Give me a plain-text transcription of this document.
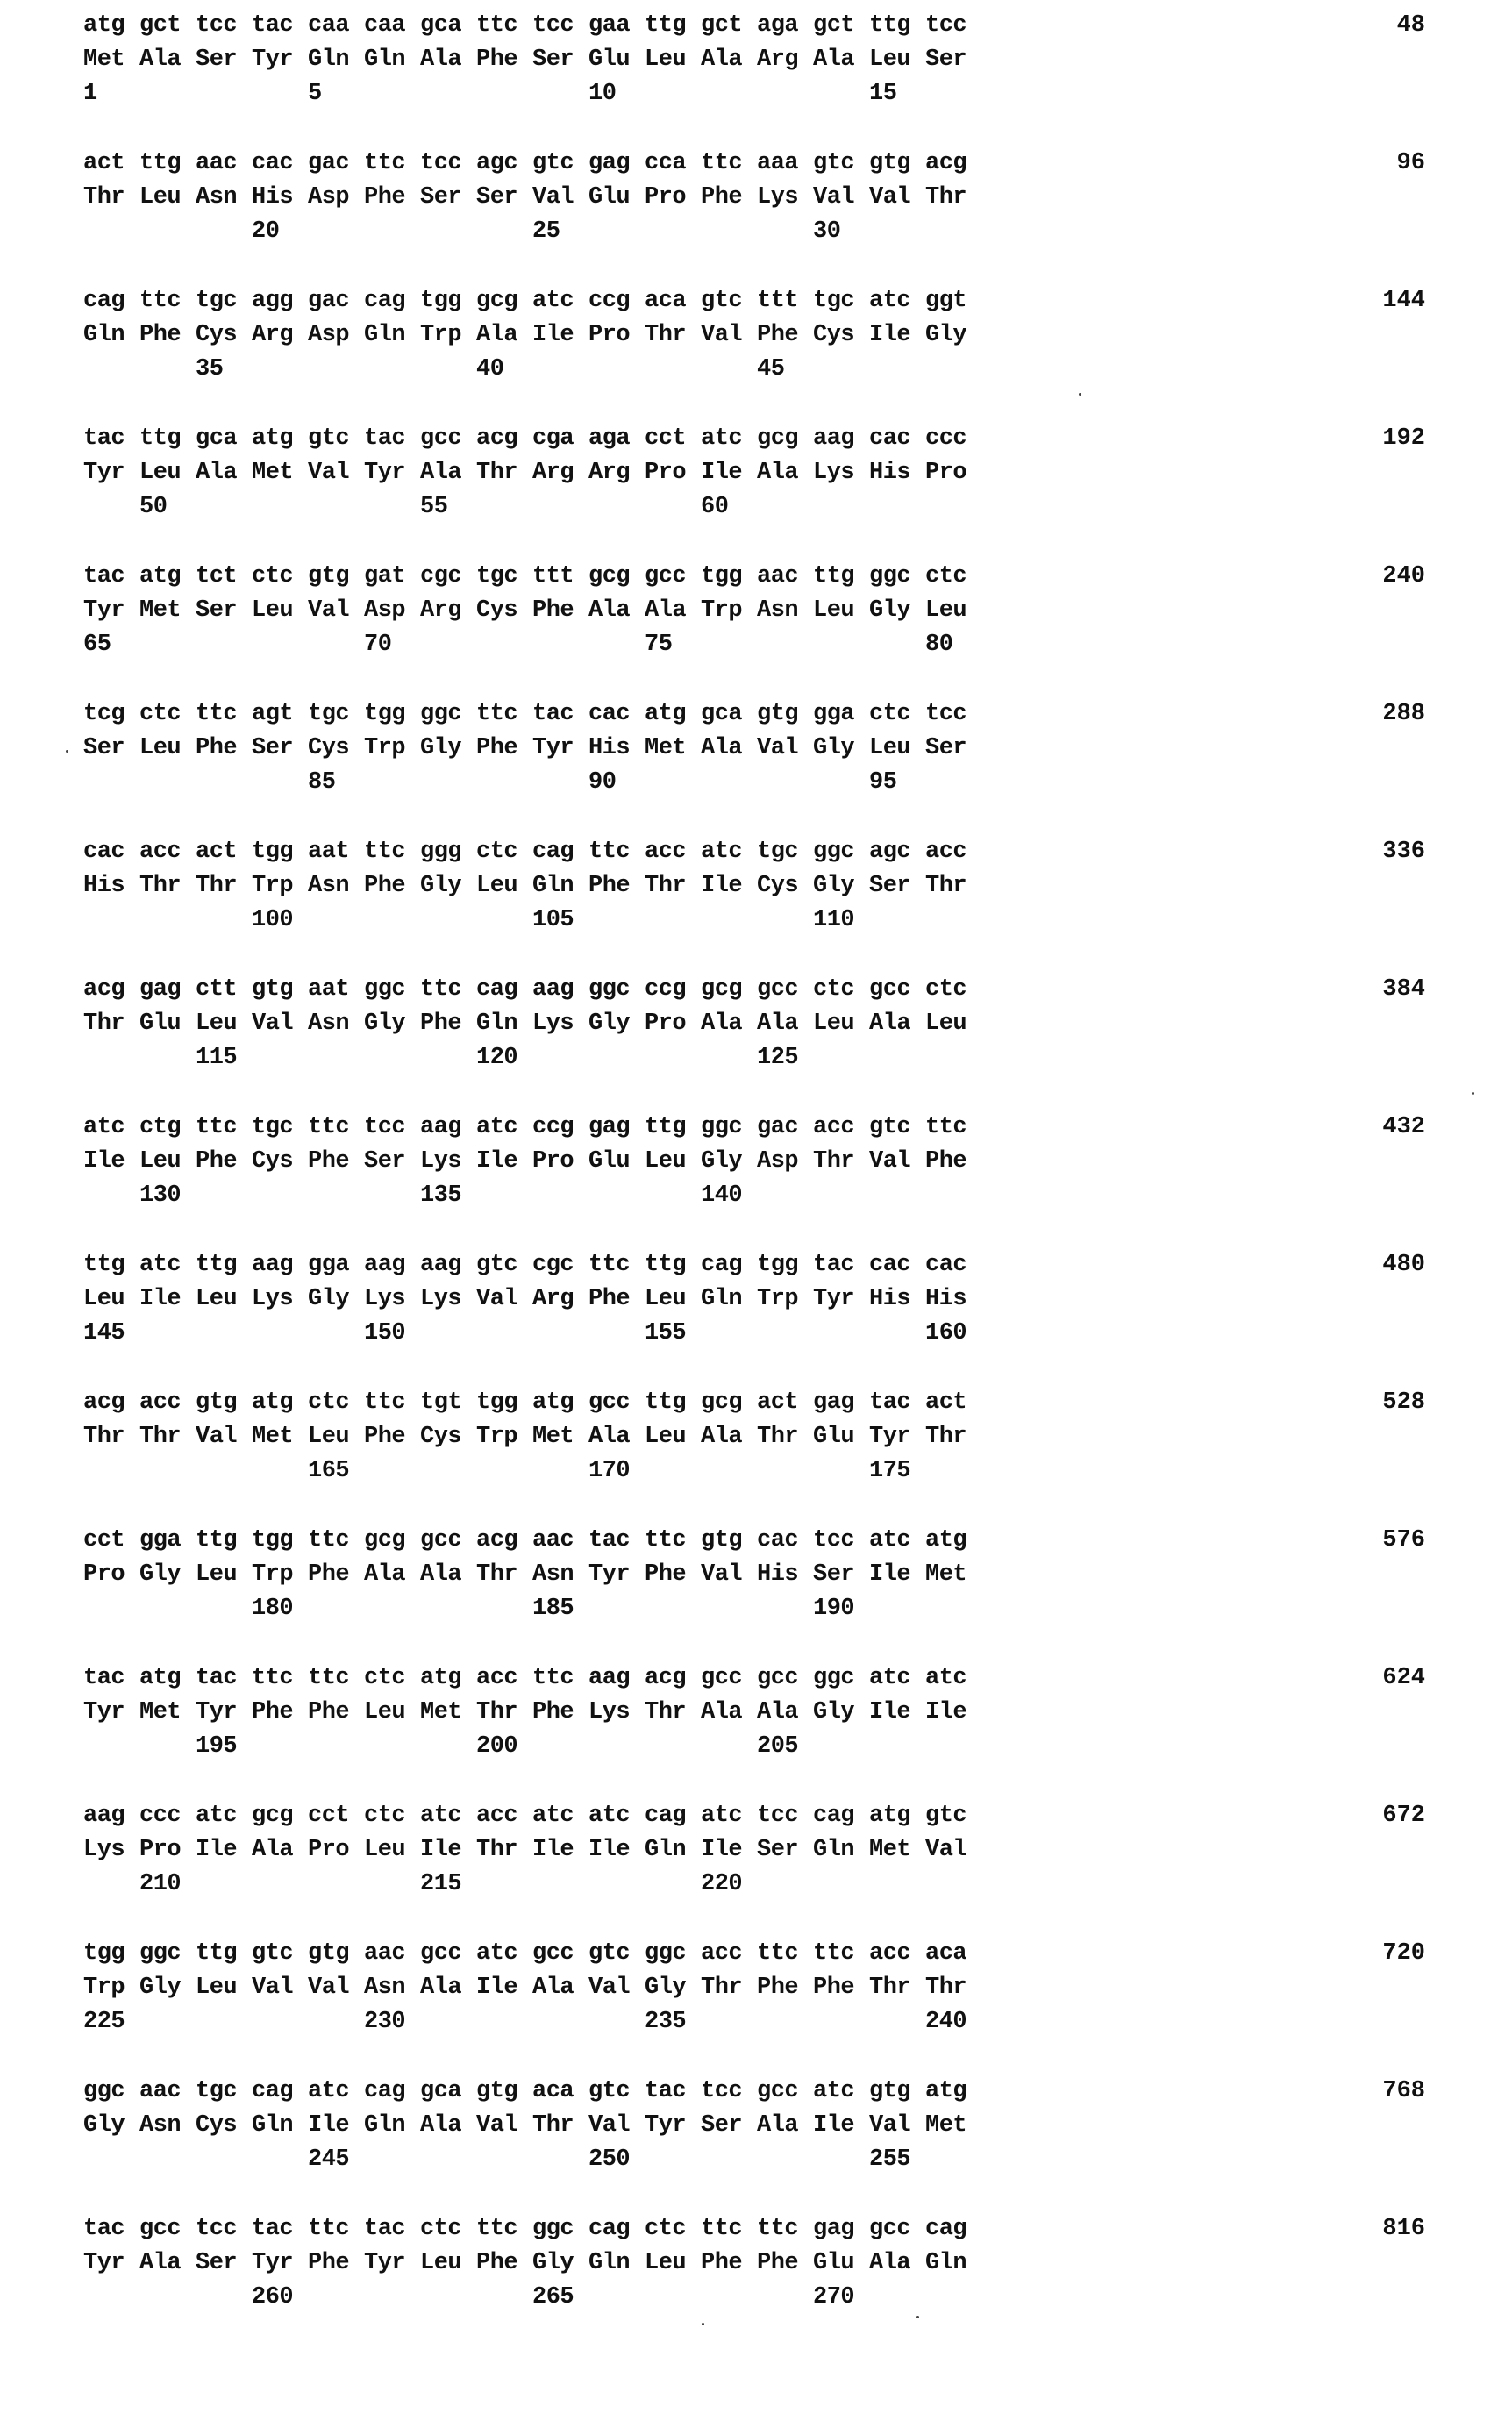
atg gct tcc tac caa caa gca ttc tcc gaa ttg gct aga gct ttg tcc
Met Ala Ser Tyr Gln Gln Ala Phe Ser Glu Leu Ala Arg Ala Leu Ser
1	5	10	15
48
act ttg aac cac gac ttc tcc agc gtc gag cca ttc aaa gtc gtg acg
Thr Leu Asn His Asp Phe Ser Ser Val Glu Pro Phe Lys Val Val Thr
20	25	30
96
cag ttc tgc agg gac cag tgg gcg atc ccg aca gtc ttt tgc atc ggt
Gln Phe Cys Arg Asp Gln Trp Ala Ile Pro Thr Val Phe Cys Ile Gly
35	40	45
144
tac ttg gca atg gtc tac gcc acg cga aga cct atc gcg aag cac ccc
Tyr Leu Ala Met Val Tyr Ala Thr Arg Arg Pro Ile Ala Lys His Pro
50	55	60
192
tac atg tct ctc gtg gat cgc tgc ttt gcg gcc tgg aac ttg ggc ctc
Tyr Met Ser Leu Val Asp Arg Cys Phe Ala Ala Trp Asn Leu Gly Leu
65	70	75	80
240
tcg ctc ttc agt tgc tgg ggc ttc tac cac atg gca gtg gga ctc tcc
Ser Leu Phe Ser Cys Trp Gly Phe Tyr His Met Ala Val Gly Leu Ser
85	90	95
288
cac acc act tgg aat ttc ggg ctc cag ttc acc atc tgc ggc agc acc
His Thr Thr Trp Asn Phe Gly Leu Gln Phe Thr Ile Cys Gly Ser Thr
100	105	110
336
acg gag ctt gtg aat ggc ttc cag aag ggc ccg gcg gcc ctc gcc ctc
Thr Glu Leu Val Asn Gly Phe Gln Lys Gly Pro Ala Ala Leu Ala Leu
115	120	125
384
atc ctg ttc tgc ttc tcc aag atc ccg gag ttg ggc gac acc gtc ttc
Ile Leu Phe Cys Phe Ser Lys Ile Pro Glu Leu Gly Asp Thr Val Phe
130	135	140
432
ttg atc ttg aag gga aag aag gtc cgc ttc ttg cag tgg tac cac cac
Leu Ile Leu Lys Gly Lys Lys Val Arg Phe Leu Gln Trp Tyr His His
145	150	155	160
480
acg acc gtg atg ctc ttc tgt tgg atg gcc ttg gcg act gag tac act
Thr Thr Val Met Leu Phe Cys Trp Met Ala Leu Ala Thr Glu Tyr Thr
165	170	175
528
cct gga ttg tgg ttc gcg gcc acg aac tac ttc gtg cac tcc atc atg
Pro Gly Leu Trp Phe Ala Ala Thr Asn Tyr Phe Val His Ser Ile Met
180	185	190
576
tac atg tac ttc ttc ctc atg acc ttc aag acg gcc gcc ggc atc atc
Tyr Met Tyr Phe Phe Leu Met Thr Phe Lys Thr Ala Ala Gly Ile Ile
195	200	205
624
aag ccc atc gcg cct ctc atc acc atc atc cag atc tcc cag atg gtc
Lys Pro Ile Ala Pro Leu Ile Thr Ile Ile Gln Ile Ser Gln Met Val
210	215	220
672
tgg ggc ttg gtc gtg aac gcc atc gcc gtc ggc acc ttc ttc acc aca
Trp Gly Leu Val Val Asn Ala Ile Ala Val Gly Thr Phe Phe Thr Thr
225	230	235	240
720
ggc aac tgc cag atc cag gca gtg aca gtc tac tcc gcc atc gtg atg
Gly Asn Cys Gln Ile Gln Ala Val Thr Val Tyr Ser Ala Ile Val Met
245	250	255
768
tac gcc tcc tac ttc tac ctc ttc ggc cag ctc ttc ttc gag gcc cag
Tyr Ala Ser Tyr Phe Tyr Leu Phe Gly Gln Leu Phe Phe Glu Ala Gln
260	265	270
816
